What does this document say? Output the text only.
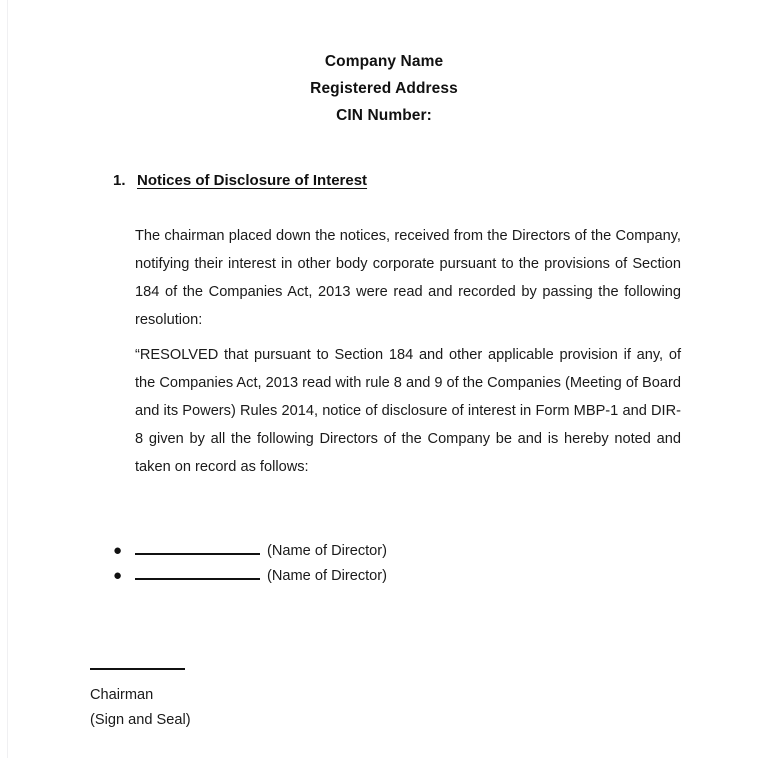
Company Name
Registered Address
CIN Number:
1. Notices of Disclosure of Interest
The chairman placed down the notices, received from the Directors of the Company, notifying their interest in other body corporate pursuant to the provisions of Section 184 of the Companies Act, 2013 were read and recorded by passing the following resolution:
“RESOLVED that pursuant to Section 184 and other applicable provision if any, of the Companies Act, 2013 read with rule 8 and 9 of the Companies (Meeting of Board and its Powers) Rules 2014, notice of disclosure of interest in Form MBP-1 and DIR-8 given by all the following Directors of the Company be and is hereby noted and taken on record as follows:
●	(Name of Director)
●	(Name of Director)
Chairman
(Sign and Seal)
